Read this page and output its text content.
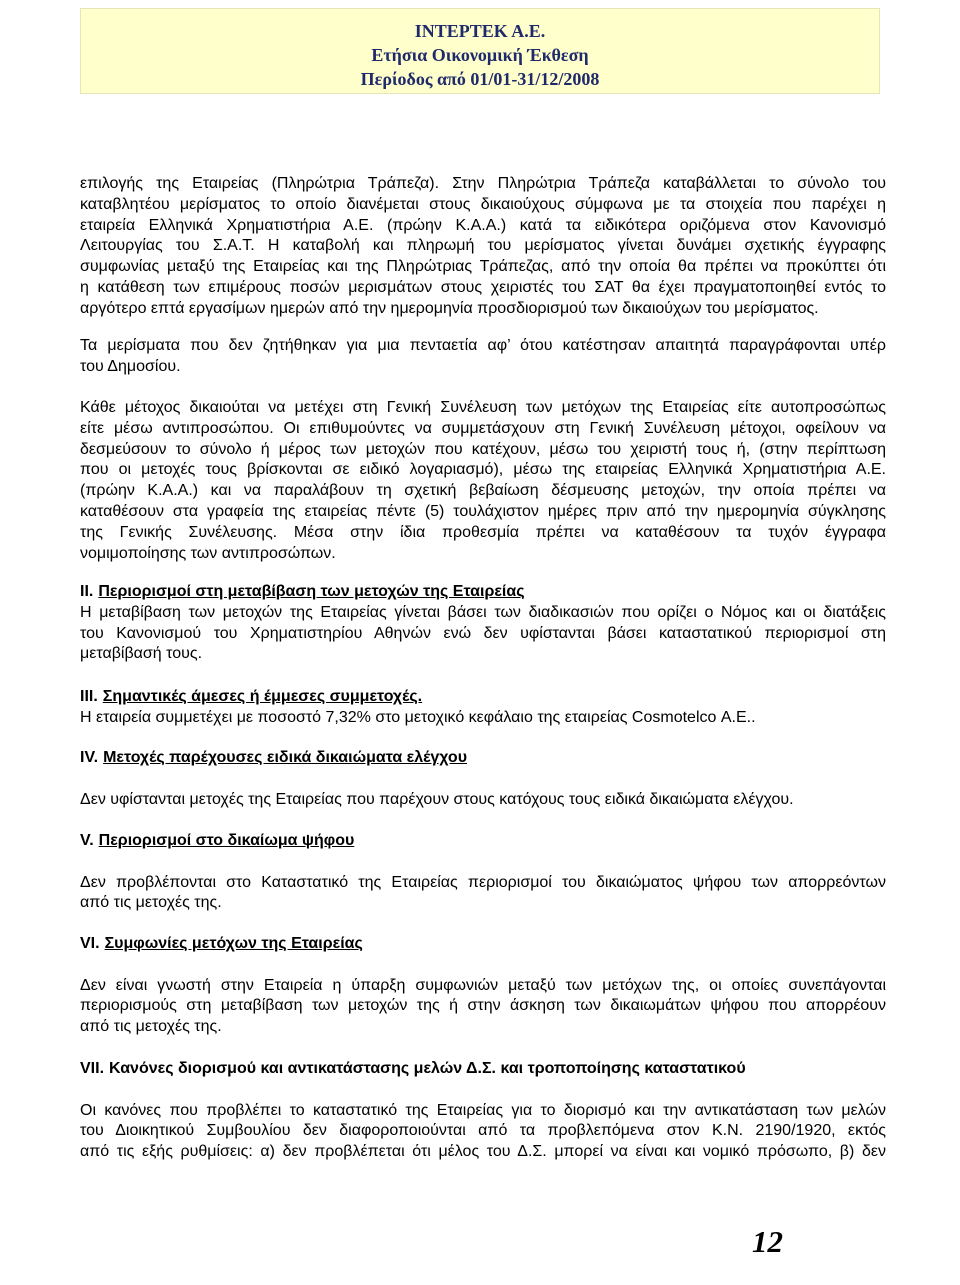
ΙΝΤΕΡΤΕΚ Α.Ε.
Ετήσια Οικονομική Έκθεση
Περίοδος από 01/01-31/12/2008
επιλογής της Εταιρείας (Πληρώτρια Τράπεζα). Στην Πληρώτρια Τράπεζα καταβάλλεται το σύνολο του
καταβλητέου μερίσματος το οποίο διανέμεται στους δικαιούχους σύμφωνα με τα στοιχεία που παρέχει η
εταιρεία Ελληνικά Χρηματιστήρια Α.Ε. (πρώην Κ.Α.Α.) κατά τα ειδικότερα οριζόμενα στον Κανονισμό
Λειτουργίας του Σ.Α.Τ. Η καταβολή και πληρωμή του μερίσματος γίνεται δυνάμει σχετικής έγγραφης
συμφωνίας μεταξύ της Εταιρείας και της Πληρώτριας Τράπεζας, από την οποία θα πρέπει να προκύπτει ότι
η κατάθεση των επιμέρους ποσών μερισμάτων στους χειριστές του ΣΑΤ θα έχει πραγματοποιηθεί εντός το
αργότερο επτά εργασίμων ημερών από την ημερομηνία προσδιορισμού των δικαιούχων του μερίσματος.
Τα μερίσματα που δεν ζητήθηκαν για μια πενταετία αφ’ ότου κατέστησαν απαιτητά παραγράφονται υπέρ
του Δημοσίου.
Κάθε μέτοχος δικαιούται να μετέχει στη Γενική Συνέλευση των μετόχων της Εταιρείας είτε αυτοπροσώπως
είτε μέσω αντιπροσώπου. Οι επιθυμούντες να συμμετάσχουν στη Γενική Συνέλευση μέτοχοι, οφείλουν να
δεσμεύσουν το σύνολο ή μέρος των μετοχών που κατέχουν, μέσω του χειριστή τους ή, (στην περίπτωση
που οι μετοχές τους βρίσκονται σε ειδικό λογαριασμό), μέσω της εταιρείας Ελληνικά Χρηματιστήρια Α.Ε.
(πρώην Κ.Α.Α.) και να παραλάβουν τη σχετική βεβαίωση δέσμευσης μετοχών, την οποία πρέπει να
καταθέσουν στα γραφεία της εταιρείας πέντε (5) τουλάχιστον ημέρες πριν από την ημερομηνία σύγκλησης
της Γενικής Συνέλευσης. Μέσα στην ίδια προθεσμία πρέπει να καταθέσουν τα τυχόν έγγραφα
νομιμοποίησης των αντιπροσώπων.
II. Περιορισμοί στη μεταβίβαση των μετοχών της Εταιρείας
Η μεταβίβαση των μετοχών της Εταιρείας γίνεται βάσει των διαδικασιών που ορίζει ο Νόμος και οι διατάξεις
του Κανονισμού του Χρηματιστηρίου Αθηνών ενώ δεν υφίστανται βάσει καταστατικού περιορισμοί στη
μεταβίβασή τους.
III. Σημαντικές άμεσες ή έμμεσες συμμετοχές.
Η εταιρεία συμμετέχει με ποσοστό 7,32% στο μετοχικό κεφάλαιο της εταιρείας Cosmotelco Α.Ε..
IV. Μετοχές παρέχουσες ειδικά δικαιώματα ελέγχου
Δεν υφίστανται μετοχές της Εταιρείας που παρέχουν στους κατόχους τους ειδικά δικαιώματα ελέγχου.
V. Περιορισμοί στο δικαίωμα ψήφου
Δεν προβλέπονται στο Καταστατικό της Εταιρείας περιορισμοί του δικαιώματος ψήφου των απορρεόντων
από τις μετοχές της.
VI. Συμφωνίες μετόχων της Εταιρείας
Δεν είναι γνωστή στην Εταιρεία η ύπαρξη συμφωνιών μεταξύ των μετόχων της, οι οποίες συνεπάγονται
περιορισμούς στη μεταβίβαση των μετοχών της ή στην άσκηση των δικαιωμάτων ψήφου που απορρέουν
από τις μετοχές της.
VII. Κανόνες διορισμού και αντικατάστασης μελών Δ.Σ. και τροποποίησης καταστατικού
Οι κανόνες που προβλέπει το καταστατικό της Εταιρείας για το διορισμό και την αντικατάσταση των μελών
του Διοικητικού Συμβουλίου δεν διαφοροποιούνται από τα προβλεπόμενα στον Κ.Ν. 2190/1920, εκτός
από τις εξής ρυθμίσεις: α) δεν προβλέπεται ότι μέλος του Δ.Σ. μπορεί να είναι και νομικό πρόσωπο, β) δεν
12
